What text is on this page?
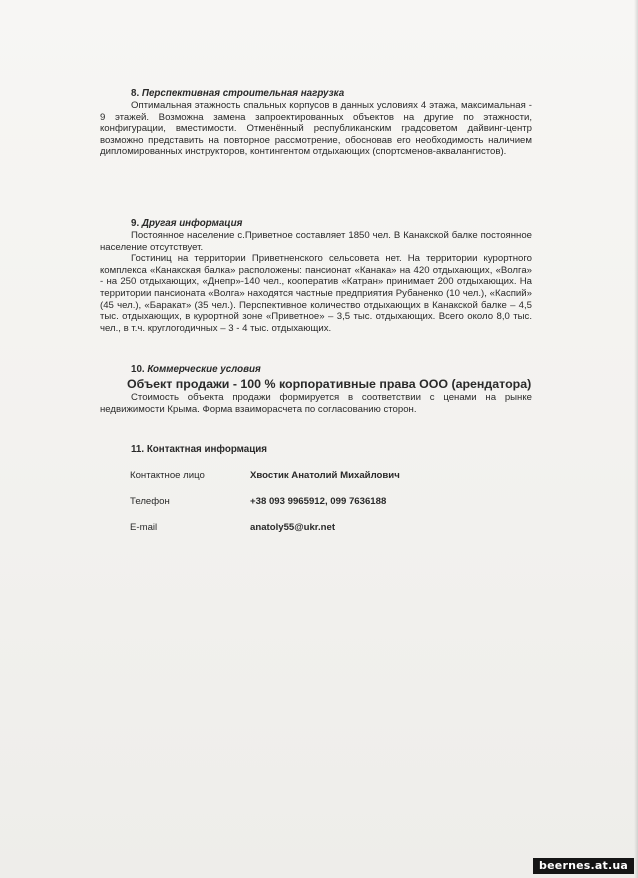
8. Перспективная строительная нагрузка

Оптимальная этажность спальных корпусов в данных условиях 4 этажа, максимальная - 9 этажей. Возможна замена запроектированных объектов на другие по этажности, конфигурации, вместимости. Отменённый республиканским градсоветом дайвинг-центр возможно представить на повторное рассмотрение, обосновав его необходимость наличием дипломированных инструкторов, контингентом отдыхающих (спортсменов-аквалангистов).

9. Другая информация

Постоянное население с.Приветное составляет 1850 чел. В Канакской балке постоянное население отсутствует.

Гостиниц на территории Приветненского сельсовета нет. На территории курортного комплекса «Канакская балка» расположены: пансионат «Канака» на 420 отдыхающих, «Волга» - на 250 отдыхающих, «Днепр»-140 чел., кооператив «Катран» принимает 200 отдыхающих. На территории пансионата «Волга» находятся частные предприятия Рубаненко (10 чел.), «Каспий» (45 чел.), «Баракат» (35 чел.). Перспективное количество отдыхающих в Канакской балке – 4,5 тыс. отдыхающих, в курортной зоне «Приветное» – 3,5 тыс. отдыхающих. Всего около 8,0 тыс. чел., в т.ч. круглогодичных – 3 - 4 тыс. отдыхающих.

10. Коммерческие условия
Объект продажи - 100 % корпоративные права ООО (арендатора)

Стоимость объекта продажи формируется в соответствии с ценами на рынке недвижимости Крыма. Форма взаиморасчета по согласованию сторон.

11. Контактная информация
Контактное лицо	Хвостик Анатолий Михайлович
Телефон	+38 093 9965912, 099 7636188
E-mail	anatoly55@ukr.net
beernes.at.ua
